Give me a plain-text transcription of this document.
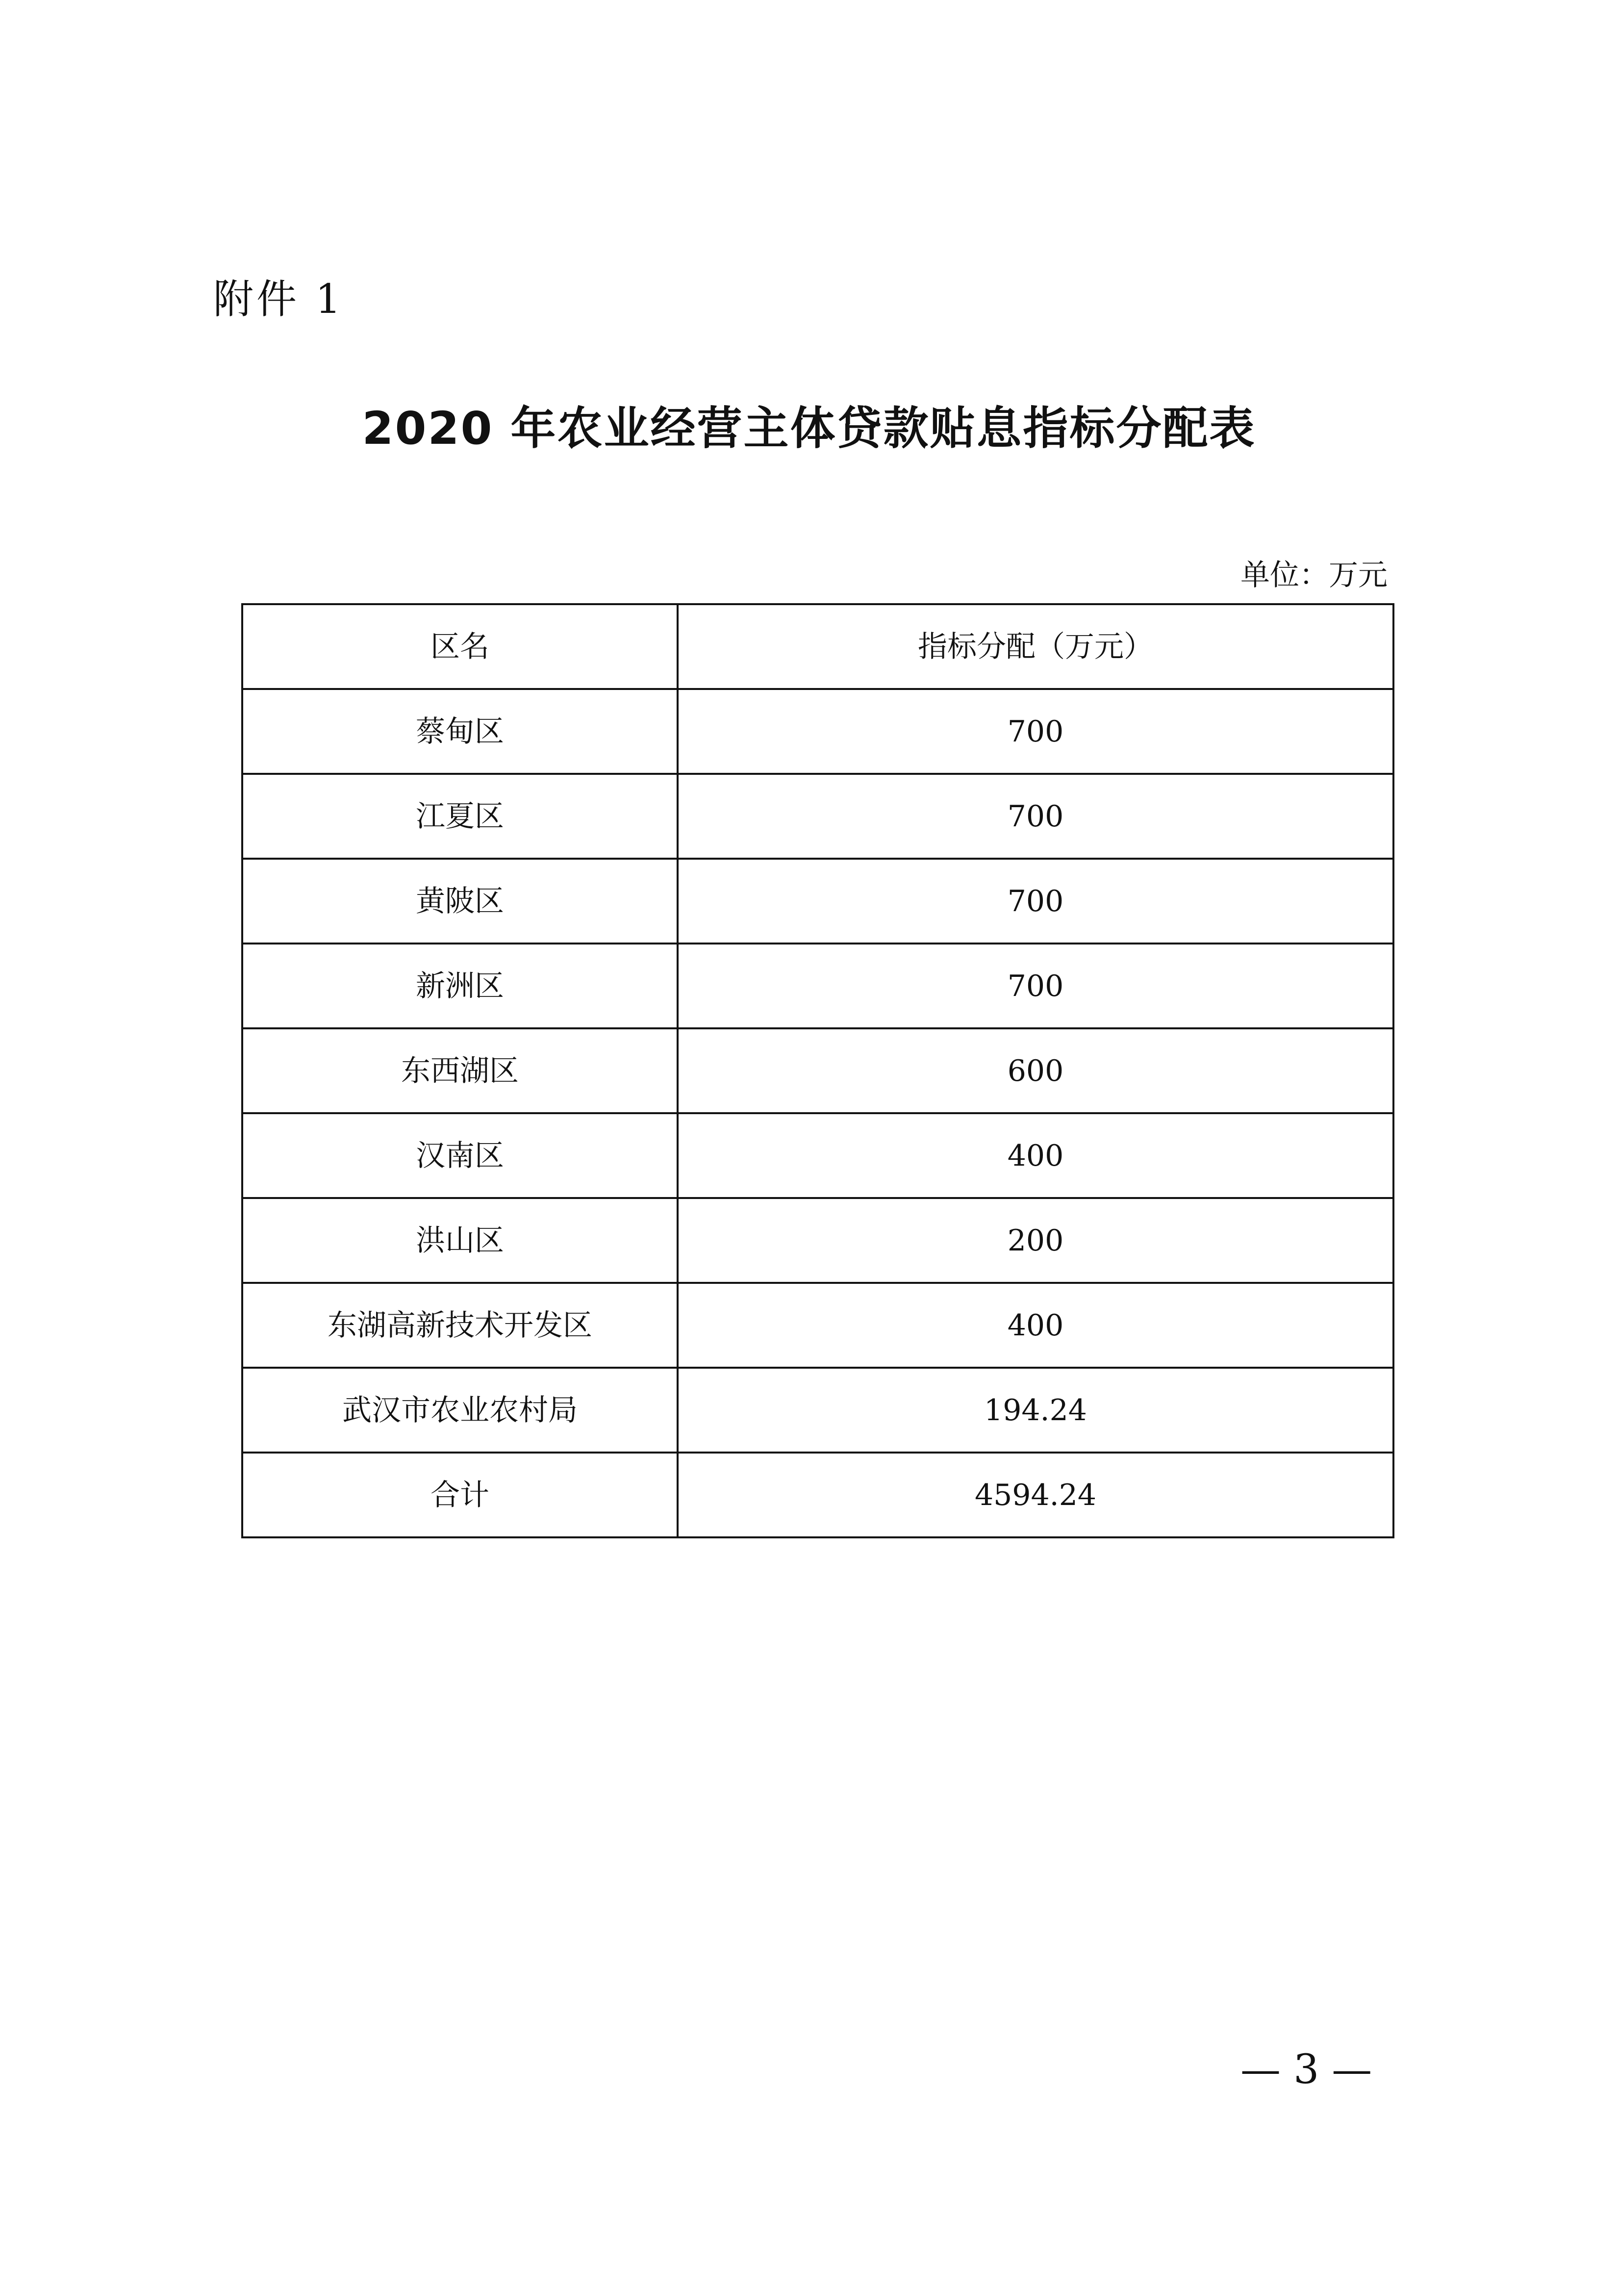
附件 1
2020 年农业经营主体贷款贴息指标分配表
单位：万元
区名	指标分配（万元）
蔡甸区	700
江夏区	700
黄陂区	700
新洲区	700
东西湖区	600
汉南区	400
洪山区	200
东湖高新技术开发区	400
武汉市农业农村局	194.24
合计	4594.24
— 3 —
